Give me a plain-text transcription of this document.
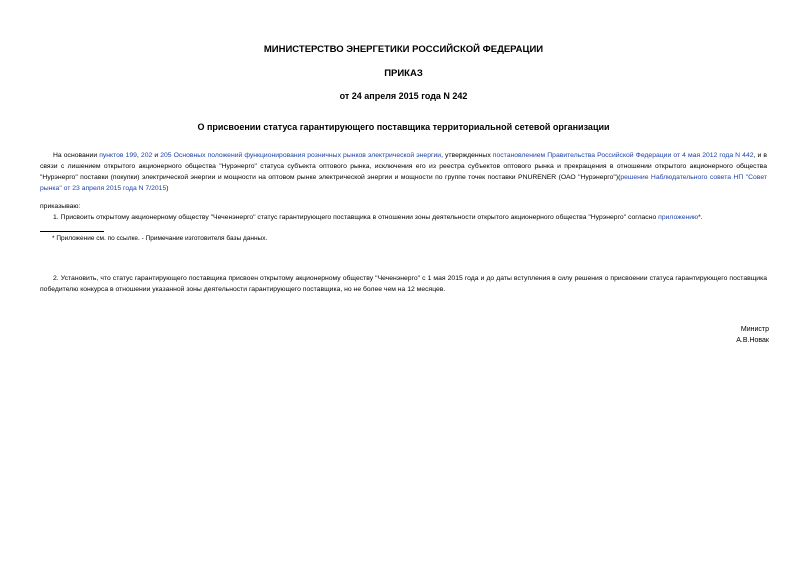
МИНИСТЕРСТВО ЭНЕРГЕТИКИ РОССИЙСКОЙ ФЕДЕРАЦИИ
ПРИКАЗ
от 24 апреля 2015 года N 242
О присвоении статуса гарантирующего поставщика территориальной сетевой организации
На основании пунктов 199, 202 и 205 Основных положений функционирования розничных рынков электрической энергии, утвержденных постановлением Правительства Российской Федерации от 4 мая 2012 года N 442, и в связи с лишением открытого акционерного общества "Нурэнерго" статуса субъекта оптового рынка, исключения его из реестра субъектов оптового рынка и прекращения в отношении открытого акционерного общества "Нурэнерго" поставки (покупки) электрической энергии и мощности на оптовом рынке электрической энергии и мощности по группе точек поставки PNURENER (ОАО "Нурэнерго")(решение Наблюдательного совета НП "Совет рынка" от 23 апреля 2015 года N 7/2015)
приказываю:
1. Присвоить открытому акционерному обществу "Чеченэнерго" статус гарантирующего поставщика в отношении зоны деятельности открытого акционерного общества "Нурэнерго" согласно приложению*.
* Приложение см. по ссылке. - Примечание изготовителя базы данных.
2. Установить, что статус гарантирующего поставщика присвоен открытому акционерному обществу "Чеченэнерго" с 1 мая 2015 года и до даты вступления в силу решения о присвоении статуса гарантирующего поставщика победителю конкурса в отношении указанной зоны деятельности гарантирующего поставщика, но не более чем на 12 месяцев.
Министр
А.В.Новак
